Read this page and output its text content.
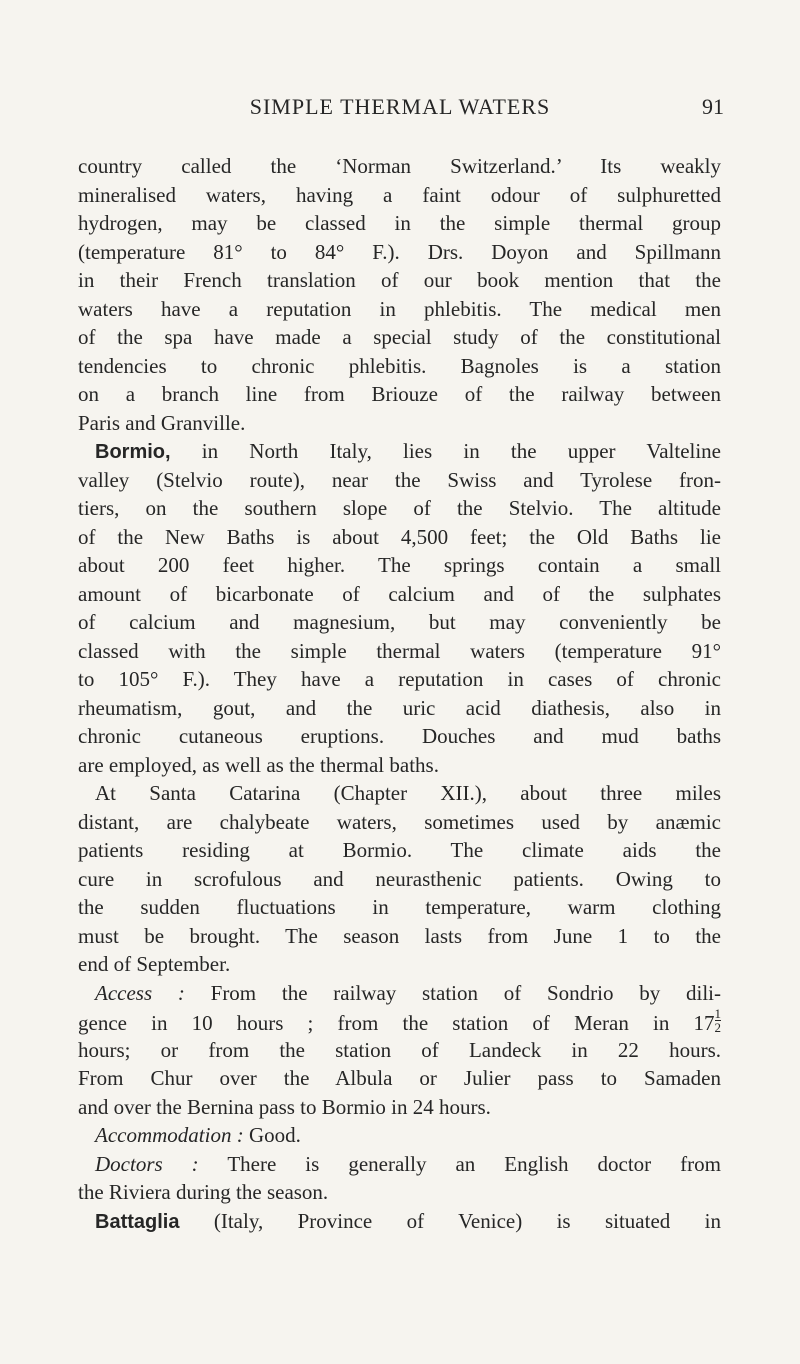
SIMPLE THERMAL WATERS	91
country called the ‘Norman Switzerland.’ Its weakly
mineralised waters, having a faint odour of sulphuretted
hydrogen, may be classed in the simple thermal group
(temperature 81° to 84° F.). Drs. Doyon and Spillmann
in their French translation of our book mention that the
waters have a reputation in phlebitis. The medical men
of the spa have made a special study of the constitutional
tendencies to chronic phlebitis. Bagnoles is a station
on a branch line from Briouze of the railway between
Paris and Granville.
Bormio, in North Italy, lies in the upper Valteline
valley (Stelvio route), near the Swiss and Tyrolese fron-
tiers, on the southern slope of the Stelvio. The altitude
of the New Baths is about 4,500 feet; the Old Baths lie
about 200 feet higher. The springs contain a small
amount of bicarbonate of calcium and of the sulphates
of calcium and magnesium, but may conveniently be
classed with the simple thermal waters (temperature 91°
to 105° F.). They have a reputation in cases of chronic
rheumatism, gout, and the uric acid diathesis, also in
chronic cutaneous eruptions. Douches and mud baths
are employed, as well as the thermal baths.
At Santa Catarina (Chapter XII.), about three miles
distant, are chalybeate waters, sometimes used by anæmic
patients residing at Bormio. The climate aids the
cure in scrofulous and neurasthenic patients. Owing to
the sudden fluctuations in temperature, warm clothing
must be brought. The season lasts from June 1 to the
end of September.
Access : From the railway station of Sondrio by dili-
gence in 10 hours ; from the station of Meran in $17 \frac{1}{2}$
hours; or from the station of Landeck in 22 hours.
From Chur over the Albula or Julier pass to Samaden
and over the Bernina pass to Bormio in 24 hours.
Accommodation : Good.
Doctors : There is generally an English doctor from
the Riviera during the season.
Battaglia (Italy, Province of Venice) is situated in
